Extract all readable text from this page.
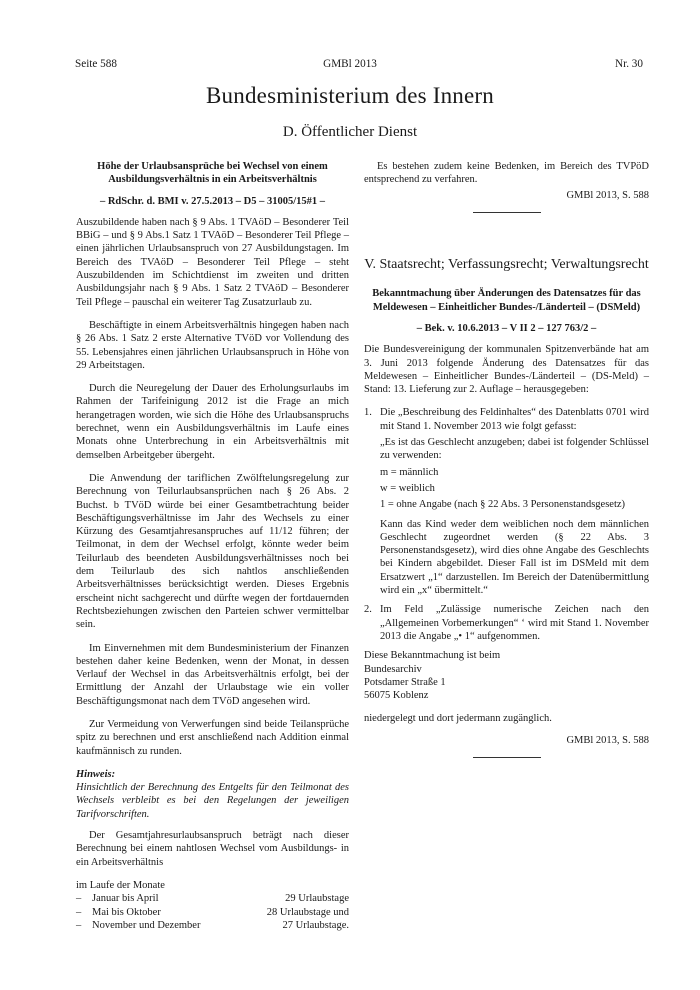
Seite 588	GMBl 2013	Nr. 30
Bundesministerium des Innern
D. Öffentlicher Dienst

Höhe der Urlaubsansprüche bei Wechsel von einem Ausbildungsverhältnis in ein Arbeitsverhältnis

– RdSchr. d. BMI v. 27.5.2013 – D5 – 31005/15#1 –

Auszubildende haben nach § 9 Abs. 1 TVAöD – Besonderer Teil BBiG – und § 9 Abs.1 Satz 1 TVAöD – Besonderer Teil Pflege – einen jährlichen Urlaubsanspruch von 27 Ausbildungstagen. Im Bereich des TVAöD – Besonderer Teil Pflege – steht Auszubildenden im Schichtdienst im zweiten und dritten Ausbildungsjahr nach § 9 Abs. 1 Satz 2 TVAöD – Besonderer Teil Pflege – pauschal ein weiterer Tag Zusatzurlaub zu.

Beschäftigte in einem Arbeitsverhältnis hingegen haben nach § 26 Abs. 1 Satz 2 erste Alternative TVöD vor Vollendung des 55. Lebensjahres einen jährlichen Urlaubsanspruch in Höhe von 29 Arbeitstagen.

Durch die Neuregelung der Dauer des Erholungsurlaubs im Rahmen der Tarifeinigung 2012 ist die Frage an mich herangetragen worden, wie sich die Höhe des Urlaubsanspruchs berechnet, wenn ein Ausbildungsverhältnis im Laufe eines Monats ohne Unterbrechung in ein Arbeitsverhältnis mit demselben Arbeitgeber übergeht.

Die Anwendung der tariflichen Zwölftelungsregelung zur Berechnung von Teilurlaubsansprüchen nach § 26 Abs. 2 Buchst. b TVöD würde bei einer Gesamtbetrachtung beider Beschäftigungsverhältnisse im Jahr des Wechsels zu einer Kürzung des Gesamtjahresanspruches auf 11/12 führen; der Teilmonat, in dem der Wechsel erfolgt, könnte weder beim Teilurlaub des beendeten Ausbildungsverhältnisses noch bei dem Teilurlaub des sich nahtlos anschließenden Arbeitsverhältnisses berücksichtigt werden. Dieses Ergebnis erscheint nicht sachgerecht und dürfte wegen der fortdauernden Rechtsbeziehungen zwischen den Parteien schwer vermittelbar sein.

Im Einvernehmen mit dem Bundesministerium der Finanzen bestehen daher keine Bedenken, wenn der Monat, in dessen Verlauf der Wechsel in das Arbeitsverhältnis erfolgt, bei der Ermittlung der Anzahl der Urlaubstage wie ein voller Beschäftigungsmonat nach dem TVöD angesehen wird.

Zur Vermeidung von Verwerfungen sind beide Teilansprüche spitz zu berechnen und erst anschließend nach Addition einmal kaufmännisch zu runden.

Hinweis:

Hinsichtlich der Berechnung des Entgelts für den Teilmonat des Wechsels verbleibt es bei den Regelungen der jeweiligen Tarifvorschriften.

Der Gesamtjahresurlaubsanspruch beträgt nach dieser Berechnung bei einem nahtlosen Wechsel vom Ausbildungs- in ein Arbeitsverhältnis

im Laufe der Monate

–	Januar bis April	29 Urlaubstage
–	Mai bis Oktober	28 Urlaubstage und
–	November und Dezember	27 Urlaubstage.

Es bestehen zudem keine Bedenken, im Bereich des TVPöD entsprechend zu verfahren.

GMBl 2013, S. 588

V. Staatsrecht; Verfassungsrecht; Verwaltungsrecht

Bekanntmachung über Änderungen des Datensatzes für das Meldewesen – Einheitlicher Bundes-/Länderteil – (DSMeld)

– Bek. v. 10.6.2013 – V II 2 – 127 763/2 –

Die Bundesvereinigung der kommunalen Spitzenverbände hat am 3. Juni 2013 folgende Änderung des Datensatzes für das Meldewesen – Einheitlicher Bundes-/Länderteil – (DS-Meld) – Stand: 13. Lieferung zur 2. Auflage – herausgegeben:

1. Die „Beschreibung des Feldinhaltes“ des Datenblatts 0701 wird mit Stand 1. November 2013 wie folgt gefasst:

„Es ist das Geschlecht anzugeben; dabei ist folgender Schlüssel zu verwenden:

m = männlich

w = weiblich

1 = ohne Angabe (nach § 22 Abs. 3 Personenstandsgesetz)

Kann das Kind weder dem weiblichen noch dem männlichen Geschlecht zugeordnet werden (§ 22 Abs. 3 Personenstandsgesetz), wird dies ohne Angabe des Geschlechts bei Kindern abgebildet. Dieser Fall ist im DSMeld mit dem Ersatzwert „1“ darzustellen. Im Bereich der Datenübermittlung wird ein „x“ übermittelt.“

2. Im Feld „Zulässige numerische Zeichen nach den „Allgemeinen Vorbemerkungen“ ‘ wird mit Stand 1. November 2013 die Angabe „• 1“ aufgenommen.

Diese Bekanntmachung ist beim

Bundesarchiv

Potsdamer Straße 1

56075 Koblenz

niedergelegt und dort jedermann zugänglich.

GMBl 2013, S. 588
